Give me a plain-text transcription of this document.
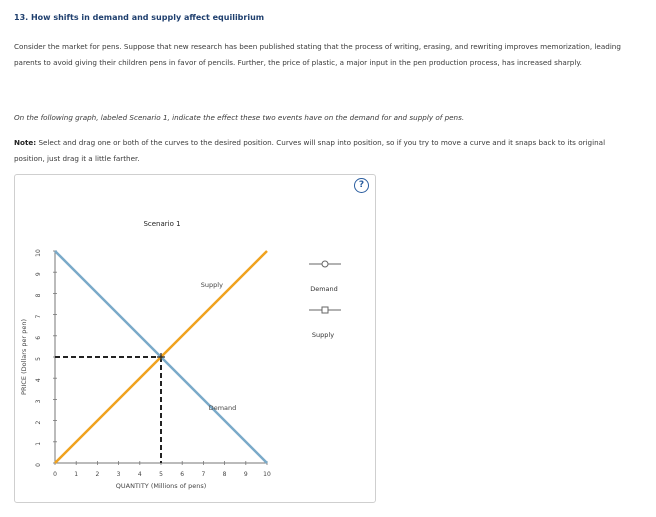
13. How shifts in demand and supply affect equilibrium
Consider the market for pens. Suppose that new research has been published stating that the process of writing, erasing, and rewriting improves memorization, leading parents to avoid giving their children pens in favor of pencils. Further, the price of plastic, a major input in the pen production process, has increased sharply.
On the following graph, labeled Scenario 1, indicate the effect these two events have on the demand for and supply of pens.
Note: Select and drag one or both of the curves to the desired position. Curves will snap into position, so if you try to move a curve and it snaps back to its original position, just drag it a little farther.
?
Scenario 1
0	1	2	3	4	5	6	7	8	9	10
0
1
2
3
4
5
6
7
8
9
10
QUANTITY (Millions of pens)
PRICE (Dollars per pen)
Supply
Demand
Demand
Supply
